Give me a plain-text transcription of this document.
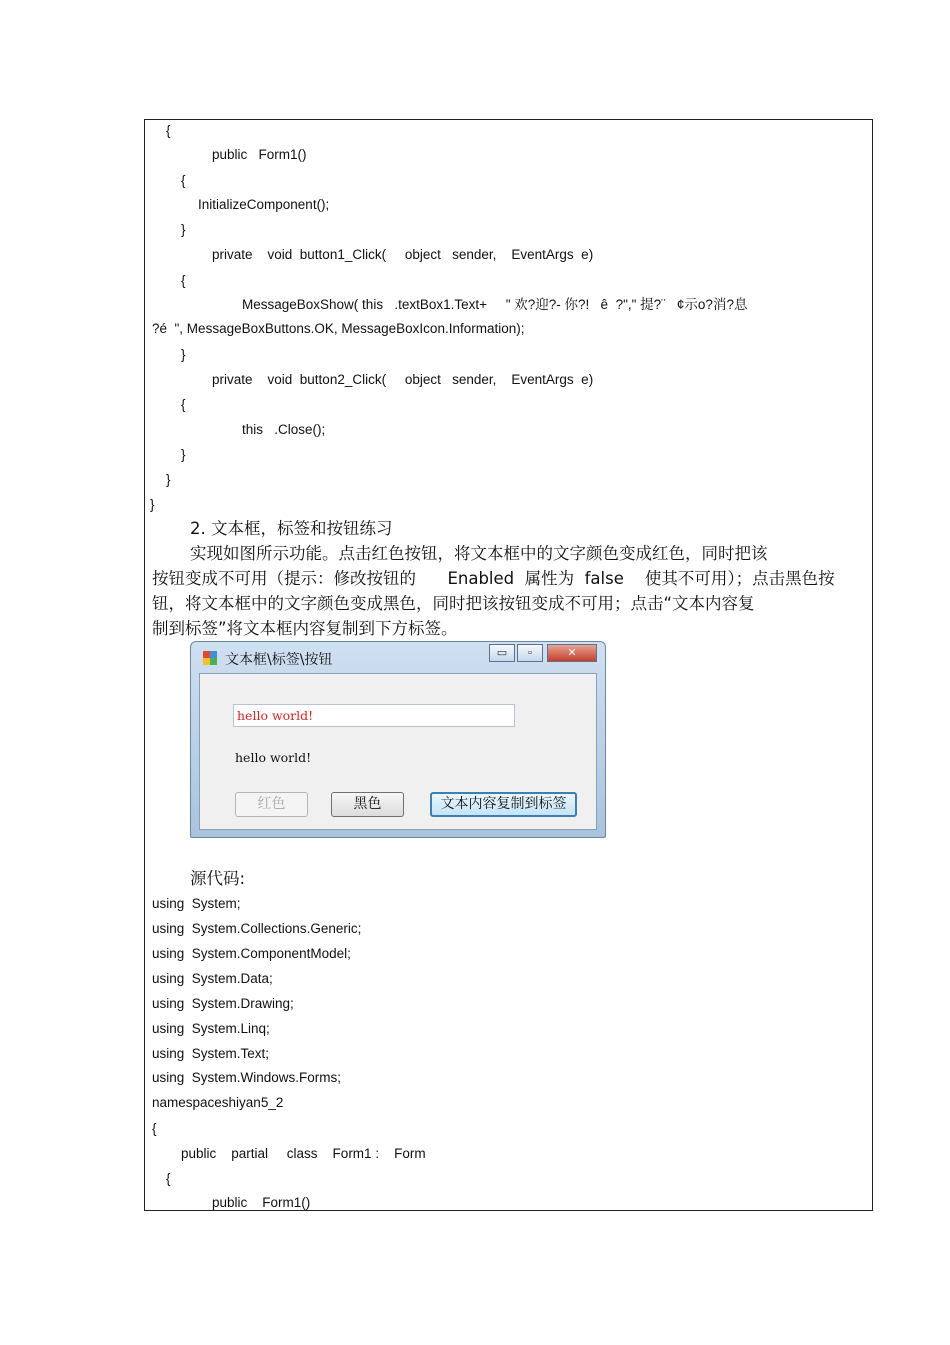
{
public   Form1()
{
InitializeComponent();
}
private    void  button1_Click(     object   sender,    EventArgs  e)
{
MessageBoxShow( this   .textBox1.Text+     " 欢?迎?- 你?!   ê  ?"," 提?¨   ¢示o?消?息
?é  ", MessageBoxButtons.OK, MessageBoxIcon.Information);
}
private    void  button2_Click(     object   sender,    EventArgs  e)
{
this   .Close();
}
}
}
2. 文本框，标签和按钮练习
实现如图所示功能。点击红色按钮，将文本框中的文字颜色变成红色，同时把该
按钮变成不可用（提示：修改按钮的      Enabled  属性为  false    使其不可用）；点击黑色按
钮，将文本框中的文字颜色变成黑色，同时把该按钮变成不可用；点击“文本内容复
制到标签”将文本框内容复制到下方标签。
文本框\标签\按钮	▭	▫	✕
hello world!
hello world!
红色	黑色	文本内容复制到标签
源代码:
using  System;
using  System.Collections.Generic;
using  System.ComponentModel;
using  System.Data;
using  System.Drawing;
using  System.Linq;
using  System.Text;
using  System.Windows.Forms;
namespaceshiyan5_2
{
public    partial     class    Form1 :    Form
{
public    Form1()
